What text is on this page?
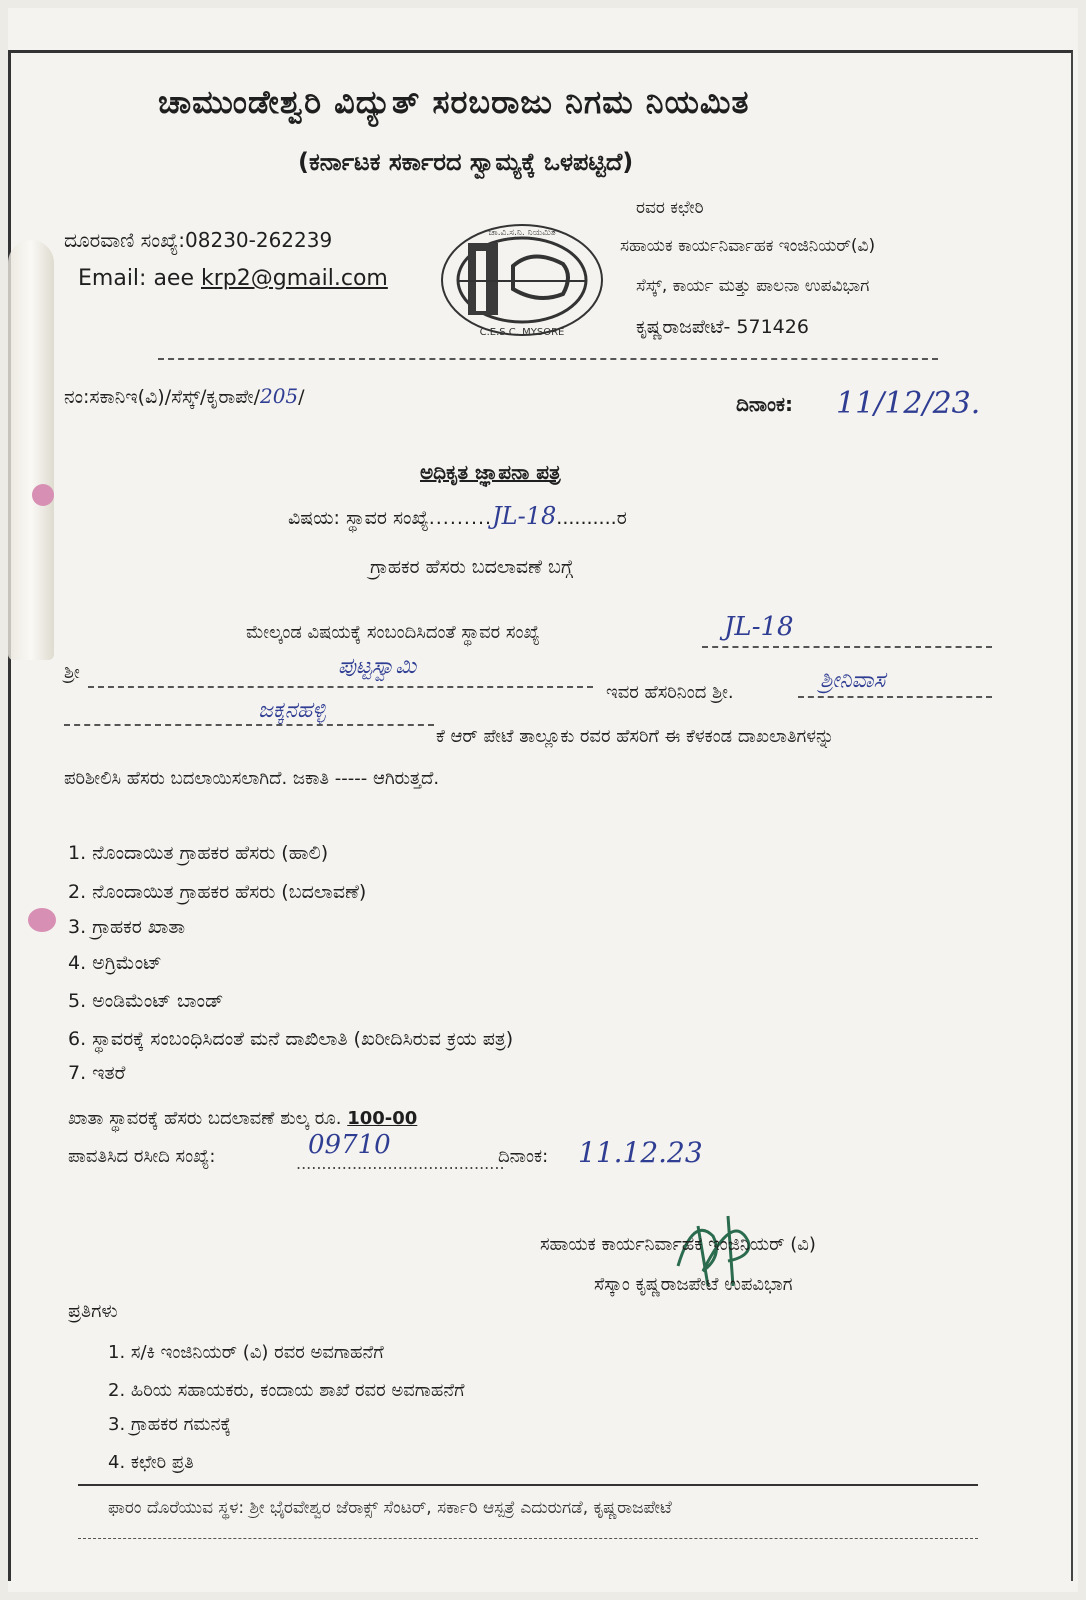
ಚಾಮುಂಡೇಶ್ವರಿ ವಿದ್ಯುತ್ ಸರಬರಾಜು ನಿಗಮ ನಿಯಮಿತ
(ಕರ್ನಾಟಕ ಸರ್ಕಾರದ ಸ್ವಾಮ್ಯಕ್ಕೆ ಒಳಪಟ್ಟಿದೆ)
ದೂರವಾಣಿ ಸಂಖ್ಯೆ:08230-262239
Email: aee krp2@gmail.com
ಚಾ.ವಿ.ಸ.ನಿ. ನಿಯಮಿತ
C.E.S.C. MYSORE
ರವರ ಕಛೇರಿ
ಸಹಾಯಕ ಕಾರ್ಯನಿರ್ವಾಹಕ ಇಂಜಿನಿಯರ್(ವಿ)
ಸೆಸ್ಕ್, ಕಾರ್ಯ ಮತ್ತು ಪಾಲನಾ ಉಪವಿಭಾಗ
ಕೃಷ್ಣರಾಜಪೇಟೆ- 571426
ನಂ:ಸಕಾನಿಇ(ವಿ)/ಸೆಸ್ಕ್/ಕೃರಾಪೇ/205/	ದಿನಾಂಕ: 11/12/23.
ಅಧಿಕೃತ ಜ್ಞಾಪನಾ ಪತ್ರ
ವಿಷಯ: ಸ್ಥಾವರ ಸಂಖ್ಯೆ.........JL-18..........ರ
ಗ್ರಾಹಕರ ಹೆಸರು ಬದಲಾವಣೆ ಬಗ್ಗೆ
ಮೇಲ್ಕಂಡ ವಿಷಯಕ್ಕೆ ಸಂಬಂದಿಸಿದಂತೆ ಸ್ಥಾವರ ಸಂಖ್ಯೆ	JL-18
ಶ್ರೀ	ಪುಟ್ಟಸ್ವಾಮಿ
ಇವರ ಹೆಸರಿನಿಂದ ಶ್ರೀ.	ಶ್ರೀನಿವಾಸ
ಜಕ್ಕನಹಳ್ಳಿ
ಕೆ ಆರ್ ಪೇಟೆ ತಾಲ್ಲೂಕು ರವರ ಹೆಸರಿಗೆ ಈ ಕೆಳಕಂಡ ದಾಖಲಾತಿಗಳನ್ನು
ಪರಿಶೀಲಿಸಿ ಹೆಸರು ಬದಲಾಯಿಸಲಾಗಿದೆ. ಜಕಾತಿ ----- ಆಗಿರುತ್ತದೆ.
1. ನೊಂದಾಯಿತ ಗ್ರಾಹಕರ ಹೆಸರು (ಹಾಲಿ)
2. ನೊಂದಾಯಿತ ಗ್ರಾಹಕರ ಹೆಸರು (ಬದಲಾವಣೆ)
3. ಗ್ರಾಹಕರ ಖಾತಾ
4. ಅಗ್ರಿಮೆಂಟ್
5. ಅಂಡಿಮೆಂಟ್ ಬಾಂಡ್
6. ಸ್ಥಾವರಕ್ಕೆ ಸಂಬಂಧಿಸಿದಂತೆ ಮನೆ ದಾಖಿಲಾತಿ (ಖರೀದಿಸಿರುವ ಕ್ರಯ ಪತ್ರ)
7. ಇತರೆ
ಖಾತಾ ಸ್ಥಾವರಕ್ಕೆ ಹೆಸರು ಬದಲಾವಣೆ ಶುಲ್ಕ ರೂ. 100-00
ಪಾವತಿಸಿದ ರಸೀದಿ ಸಂಖ್ಯೆ:	.........................................
09710	ದಿನಾಂಕ: 11.12.23
ಸಹಾಯಕ ಕಾರ್ಯನಿರ್ವಾಹಕ ಇಂಜಿನಿಯರ್ (ವಿ)
ಸೆಸ್ಕಾಂ ಕೃಷ್ಣರಾಜಪೇಟೆ ಉಪವಿಭಾಗ
ಪ್ರತಿಗಳು
1. ಸ/ಕಿ ಇಂಜಿನಿಯರ್ (ವಿ) ರವರ ಅವಗಾಹನೆಗೆ
2. ಹಿರಿಯ ಸಹಾಯಕರು, ಕಂದಾಯ ಶಾಖೆ ರವರ ಅವಗಾಹನೆಗೆ
3. ಗ್ರಾಹಕರ ಗಮನಕ್ಕೆ
4. ಕಛೇರಿ ಪ್ರತಿ
ಫಾರಂ ದೊರೆಯುವ ಸ್ಥಳ: ಶ್ರೀ ಭೈರವೇಶ್ವರ ಜೆರಾಕ್ಸ್ ಸೆಂಟರ್, ಸರ್ಕಾರಿ ಆಸ್ಪತ್ರೆ ಎದುರುಗಡೆ, ಕೃಷ್ಣರಾಜಪೇಟೆ
